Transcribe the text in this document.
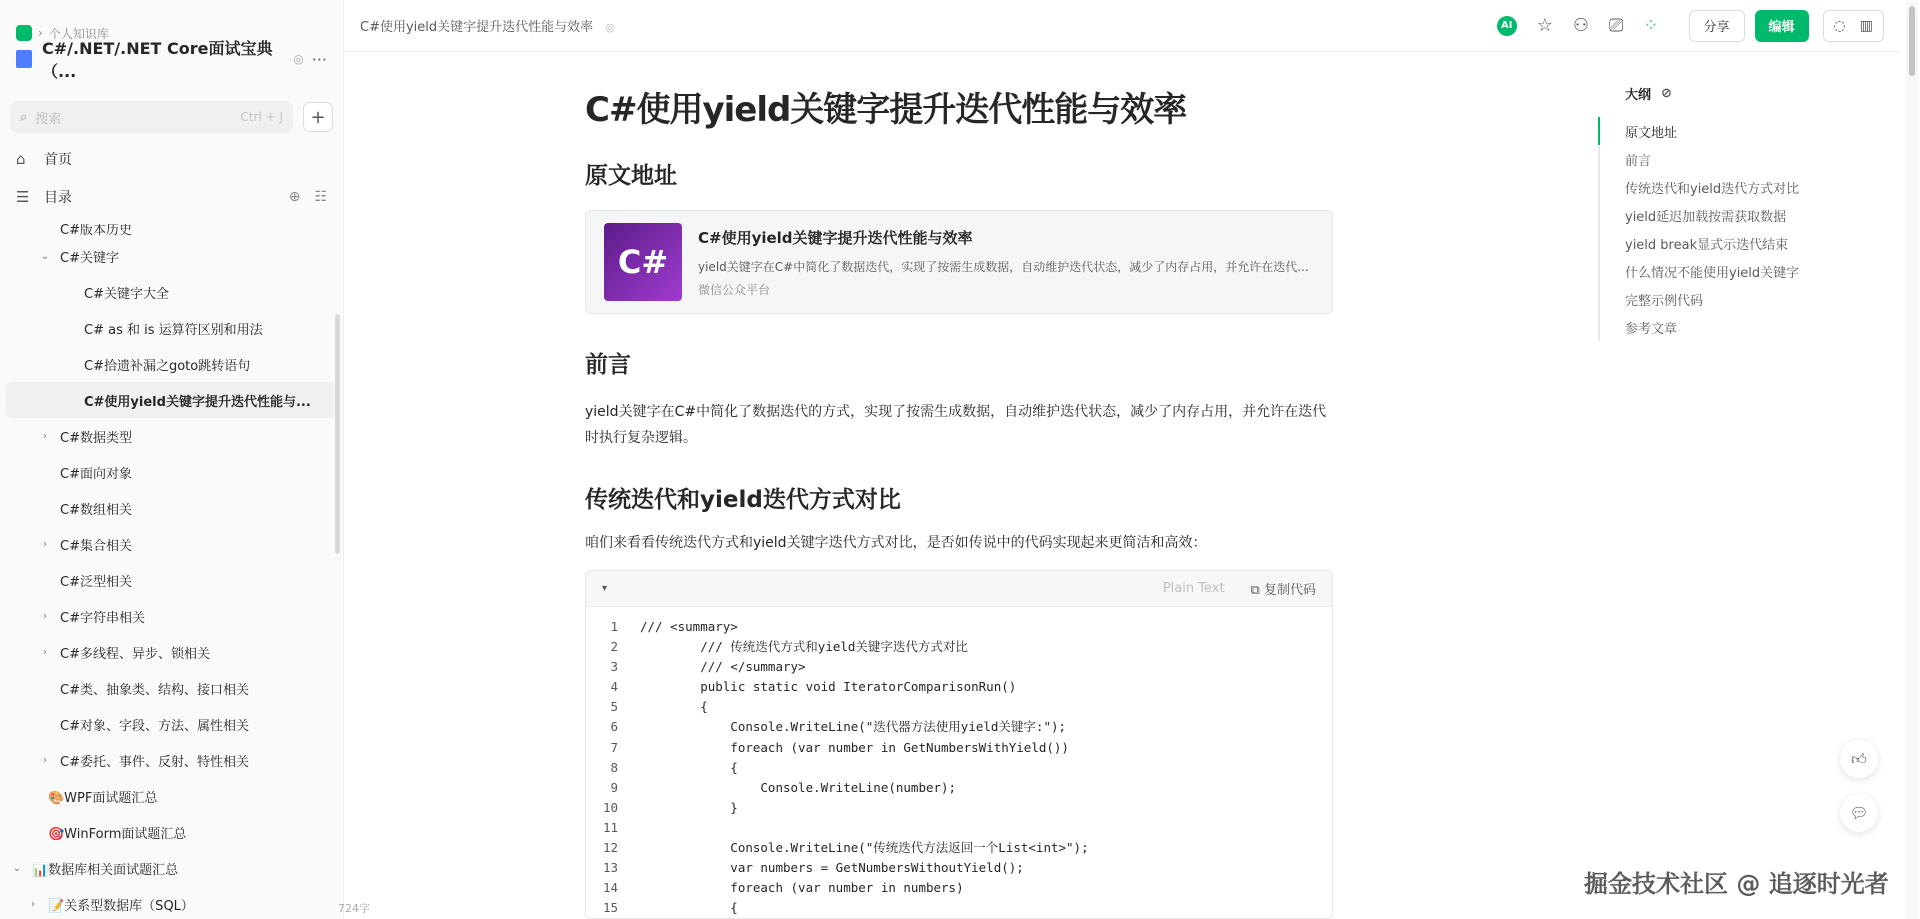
› 个人知识库
C#/.NET/.NET Core面试宝典（...
◎ ···
⌕ 搜索	Ctrl + J +
⌂	首页
☰	目录	⊕ ☷
C#版本历史
⌄ C#关键字
C#关键字大全
C# as 和 is 运算符区别和用法
C#拾遗补漏之goto跳转语句
C#使用yield关键字提升迭代性能与...
›	C#数据类型
C#面向对象
C#数组相关
›	C#集合相关
C#泛型相关
›	C#字符串相关
›	C#多线程、异步、锁相关
C#类、抽象类、结构、接口相关
C#对象、字段、方法、属性相关
›	C#委托、事件、反射、特性相关
🎨WPF面试题汇总
🎯WinForm面试题汇总
⌄ 📊数据库相关面试题汇总
›	📝关系型数据库（SQL）	724字
C#使用yield关键字提升迭代性能与效率 ◎	AI ☆ ⚇ ⎚ ⁘	分享	编辑	◌ ▥
C#使用yield关键字提升迭代性能与效率
原文地址
C#
C#使用yield关键字提升迭代性能与效率
yield关键字在C#中简化了数据迭代，实现了按需生成数据，自动维护迭代状态，减少了内存占用，并允许在迭代...
微信公众平台
前言

yield关键字在C#中简化了数据迭代的方式，实现了按需生成数据，自动维护迭代状态，减少了内存占用，并允许在迭代时执行复杂逻辑。

传统迭代和yield迭代方式对比

咱们来看看传统迭代方式和yield关键字迭代方式对比，是否如传说中的代码实现起来更简洁和高效：

▾	Plain Text ⧉ 复制代码
1 /// <summary>
2 /// 传统迭代方式和yield关键字迭代方式对比
3 /// </summary>
4 public static void IteratorComparisonRun()
5 {
6 Console.WriteLine("迭代器方法使用yield关键字:");
7 foreach (var number in GetNumbersWithYield())
8 {
9 Console.WriteLine(number);
10 }
11
12 Console.WriteLine("传统迭代方法返回一个List<int>");
13 var numbers = GetNumbersWithoutYield();
14 foreach (var number in numbers)
15 {
大纲 ⊘
原文地址
前言
传统迭代和yield迭代方式对比
yield延迟加载按需获取数据
yield break显式示迭代结束
什么情况不能使用yield关键字
完整示例代码
参考文章
👍︎
💬︎
掘金技术社区 @ 追逐时光者
